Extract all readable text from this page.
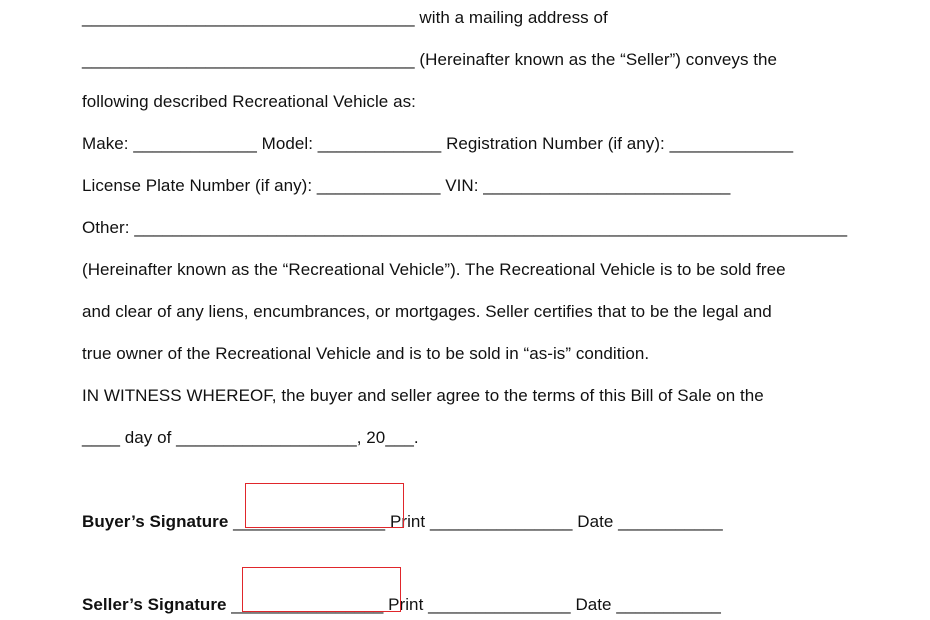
___________________________________ with a mailing address of
___________________________________ (Hereinafter known as the “Seller”) conveys the
following described Recreational Vehicle as:
Make: _____________ Model: _____________ Registration Number (if any): _____________
License Plate Number (if any): _____________ VIN: __________________________
Other: ___________________________________________________________________________
(Hereinafter known as the “Recreational Vehicle”). The Recreational Vehicle is to be sold free
and clear of any liens, encumbrances, or mortgages. Seller certifies that to be the legal and
true owner of the Recreational Vehicle and is to be sold in “as-is” condition.
IN WITNESS WHEREOF, the buyer and seller agree to the terms of this Bill of Sale on the
____ day of ___________________, 20___.
Buyer’s Signature ________________ Print _______________ Date ___________
Seller’s Signature ________________ Print _______________ Date ___________
